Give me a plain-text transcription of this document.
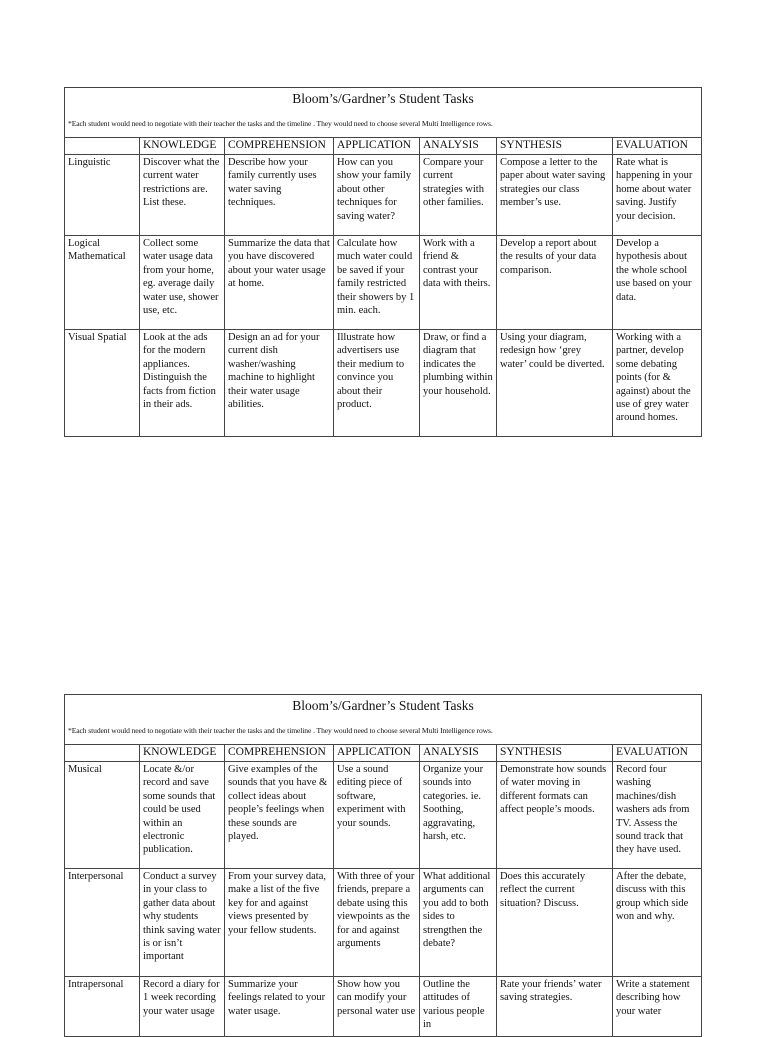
Bloom’s/Gardner’s Student Tasks
*Each student would need to negotiate with their teacher the tasks and the timeline . They would need to choose several Multi Intelligence rows.						

	KNOWLEDGE	COMPREHENSION	APPLICATION	ANALYSIS	SYNTHESIS	EVALUATION
Linguistic	Discover what the current water restrictions are. List these.	Describe how your family currently uses water saving techniques.	How can you show your family about other techniques for saving water?	Compare your current strategies with other families.	Compose a letter to the paper about water saving strategies our class member’s use.	Rate what is happening in your home about water saving. Justify your decision.
Logical Mathematical	Collect some water usage data from your home, eg. average daily water use, shower use, etc.	Summarize the data that you have discovered about your water usage at home.	Calculate how much water could be saved if your family restricted their showers by 1 min. each.	Work with a friend & contrast your data with theirs.	Develop a report about the results of your data comparison.	Develop a hypothesis about the whole school use based on your data.
Visual Spatial	Look at the ads for the modern appliances. Distinguish the facts from fiction in their ads.	Design an ad for your current dish washer/washing machine to highlight their water usage abilities.	Illustrate how advertisers use their medium to convince you about their product.	Draw, or find a diagram that indicates the plumbing within your household.	Using your diagram, redesign how ‘grey water’ could be diverted.	Working with a partner, develop some debating points (for & against) about the use of grey water around homes.
Bloom’s/Gardner’s Student Tasks
*Each student would need to negotiate with their teacher the tasks and the timeline . They would need to choose several Multi Intelligence rows.						

	KNOWLEDGE	COMPREHENSION	APPLICATION	ANALYSIS	SYNTHESIS	EVALUATION
Musical	Locate &/or record and save some sounds that could be used within an electronic publication.	Give examples of the sounds that you have & collect ideas about people’s feelings when these sounds are played.	Use a sound editing piece of software, experiment with your sounds.	Organize your sounds into categories. ie. Soothing, aggravating, harsh, etc.	Demonstrate how sounds of water moving in different formats can affect people’s moods.	Record four washing machines/dish washers ads from TV. Assess the sound track that they have used.
Interpersonal	Conduct a survey in your class to gather data about why students think saving water is or isn’t important	From your survey data, make a list of the five key for and against views presented by your fellow students.	With three of your friends, prepare a debate using this viewpoints as the for and against arguments	What additional arguments can you add to both sides to strengthen the debate?	Does this accurately reflect the current situation? Discuss.	After the debate, discuss with this group which side won and why.
Intrapersonal	Record a diary for 1 week recording your water usage	Summarize your feelings related to your water usage.	Show how you can modify your personal water use	Outline the attitudes of various people in	Rate your friends’ water saving strategies.	Write a statement describing how your water
